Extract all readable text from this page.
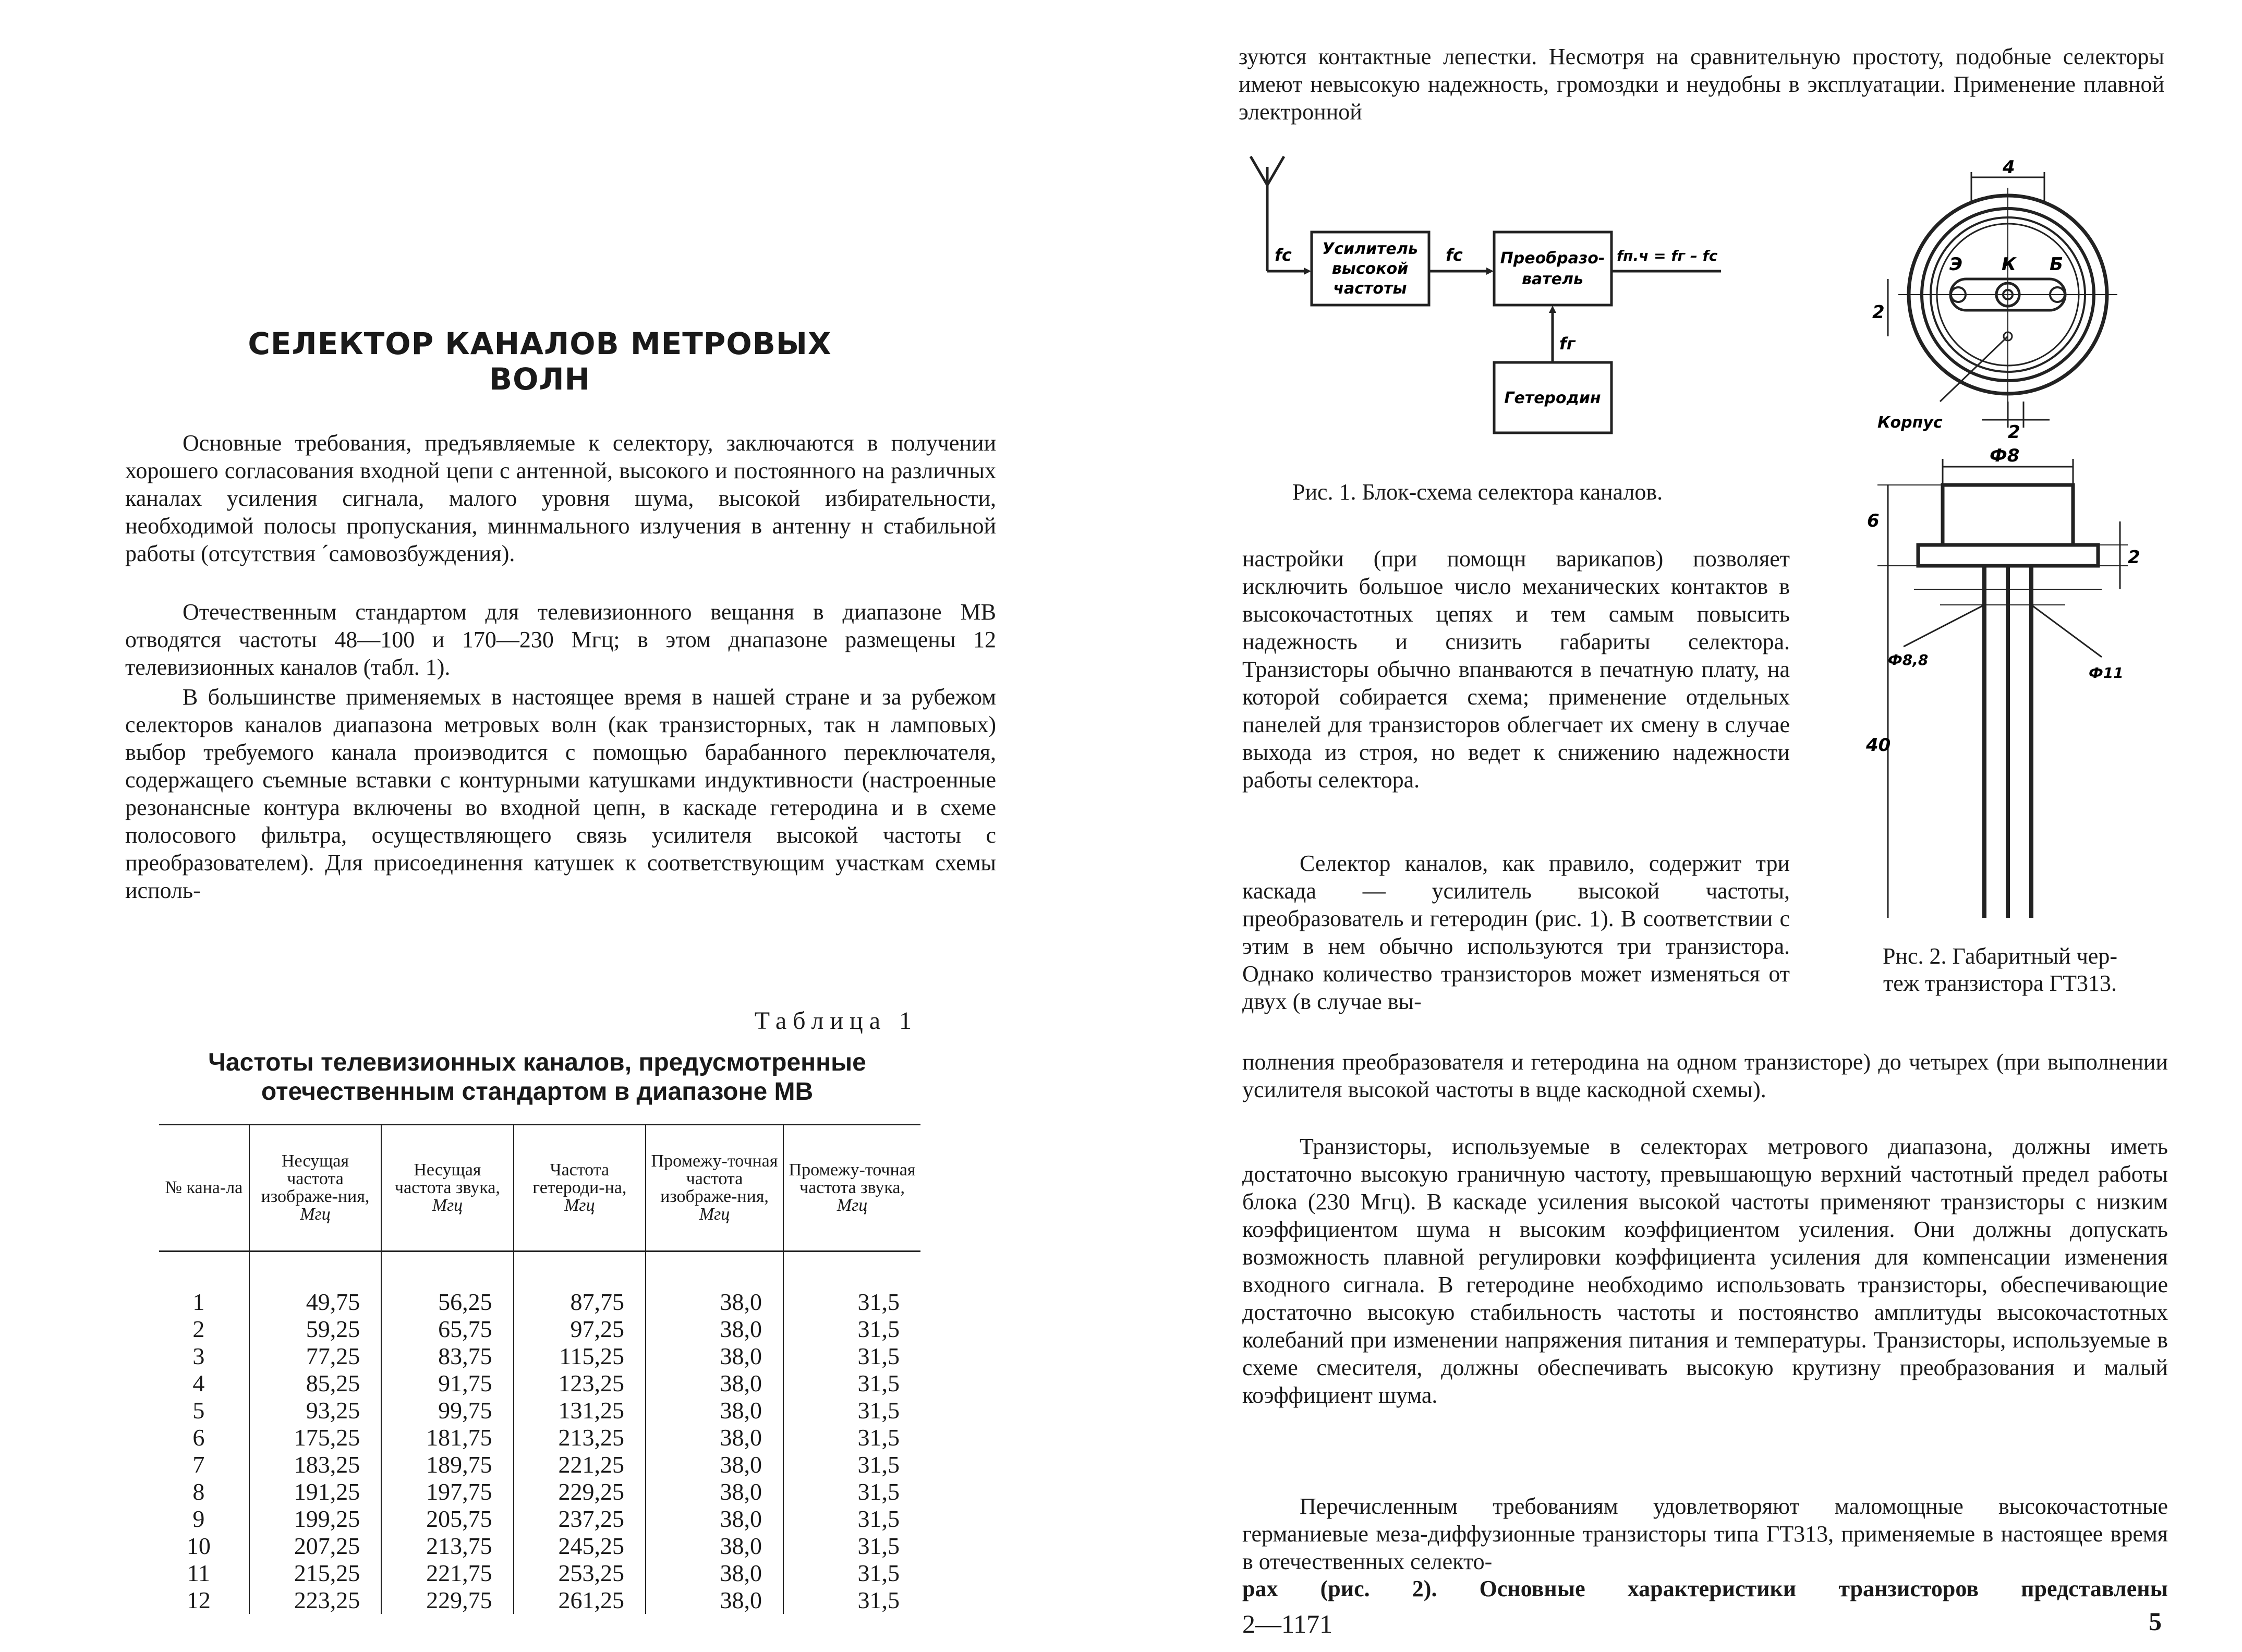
СЕЛЕКТОР КАНАЛОВ МЕТРОВЫХ ВОЛН

Основные требования, предъявляемые к селектору, заключаются в получении хорошего согласования входной цепи с антенной, высокого и постоянного на различных каналах усиления сигнала, малого уровня шума, высокой избирательности, необходимой полосы пропускания, миннмального излучения в антенну н стабильной работы (отсутствия ´самовозбуждения).

Отечественным стандартом для телевизионного вещання в диапазоне МВ отводятся частоты 48—100 и 170—230 Мгц; в этом днапазоне размещены 12 телевизионных каналов (табл. 1).

В большинстве применяемых в настоящее время в нашей стране и за рубежом селекторов каналов диапазона метровых волн (как транзисторных, так н ламповых) выбор требуемого канала проиэводится с помощью барабанного переключателя, содержащего съемные вставки с контурными катушками индуктивности (настроенные резонансные контура включены во входной цепн, в каскаде гетеродина и в схеме полосового фильтра, осуществляющего связь усилителя высокой частоты с преобразователем). Для присоединення катушек к соответствующим участкам схемы исполь-

Таблица 1
Частоты телевизионных каналов, предусмотренные
отечественным стандартом в диапазоне МВ
№ кана-ла	Несущая частота изображе-ния, Мгц	Несущая частота звука, Мгц	Частота гетероди-на, Мгц	Промежу-точная частота изображе-ния, Мгц	Промежу-точная частота звука, Мгц

1	49,75	56,25	87,75	38,0	31,5
2	59,25	65,75	97,25	38,0	31,5
3	77,25	83,75	115,25	38,0	31,5
4	85,25	91,75	123,25	38,0	31,5
5	93,25	99,75	131,25	38,0	31,5
6	175,25	181,75	213,25	38,0	31,5
7	183,25	189,75	221,25	38,0	31,5
8	191,25	197,75	229,25	38,0	31,5
9	199,25	205,75	237,25	38,0	31,5
10	207,25	213,75	245,25	38,0	31,5
11	215,25	221,75	253,25	38,0	31,5
12	223,25	229,75	261,25	38,0	31,5

зуются контактные лепестки. Несмотря на сравнительную простоту, подобные селекторы имеют невысокую надежность, громоздки и неудобны в эксплуатации. Применение плавной электронной

fc Усилитель
высокой
частоты
fc Преобразо-
ватель
fп.ч = fг – fc
fг
Гетеродин
Рис. 1. Блок-схема селектора каналов.
4
Э К Б
2
Корпус	2
Ф8
6
2
Ф8,8
Ф11
40

настройки (при помощн варикапов) позволяет исключить большое число механических контактов в высокочастотных цепях и тем самым повысить надежность и снизить габариты селектора. Транзисторы обычно впанваются в печатную плату, на которой собирается схема; применение отдельных панелей для транзисторов облегчает их смену в случае выхода из строя, но ведет к снижению надежности работы селектора.

Селектор каналов, как правило, содержит три каскада — усилитель высокой частоты, преобразователь и гетеродин (рис. 1). В соответствии с этим в нем обычно используются три транзистора. Однако количество транзисторов может изменяться от двух (в случае вы-

полнения преобразователя и гетеродина на одном транзисторе) до четырех (при выполнении усилителя высокой частоты в вцде каскодной схемы).

Рнс. 2. Габаритный чер-
теж транзистора ГТ313.

Транзисторы, используемые в селекторах метрового диапазона, должны иметь достаточно высокую граничную частоту, превышающую верхний частотный предел работы блока (230 Мгц). В каскаде усиления высокой частоты применяют транзисторы с низким коэффициентом шума н высоким коэффициентом усиления. Они должны допускать возможность плавной регулировки коэффициента усиления для компенсации изменения входного сигнала. В гетеродине необходимо использовать транзисторы, обеспечивающие достаточно высокую стабильность частоты и постоянство амплитуды высокочастотных колебаний при изменении напряжения питания и температуры. Транзисторы, используемые в схеме смесителя, должны обеспечивать высокую крутизну преобразования и малый коэффициент шума.

Перечисленным требованиям удовлетворяют маломощные высокочастотные германиевые меза-диффузионные транзисторы типа ГТ313, применяемые в настоящее время в отечественных селекто-

рах (рис. 2). Основные характеристики транзисторов представлены

2—1171	5
